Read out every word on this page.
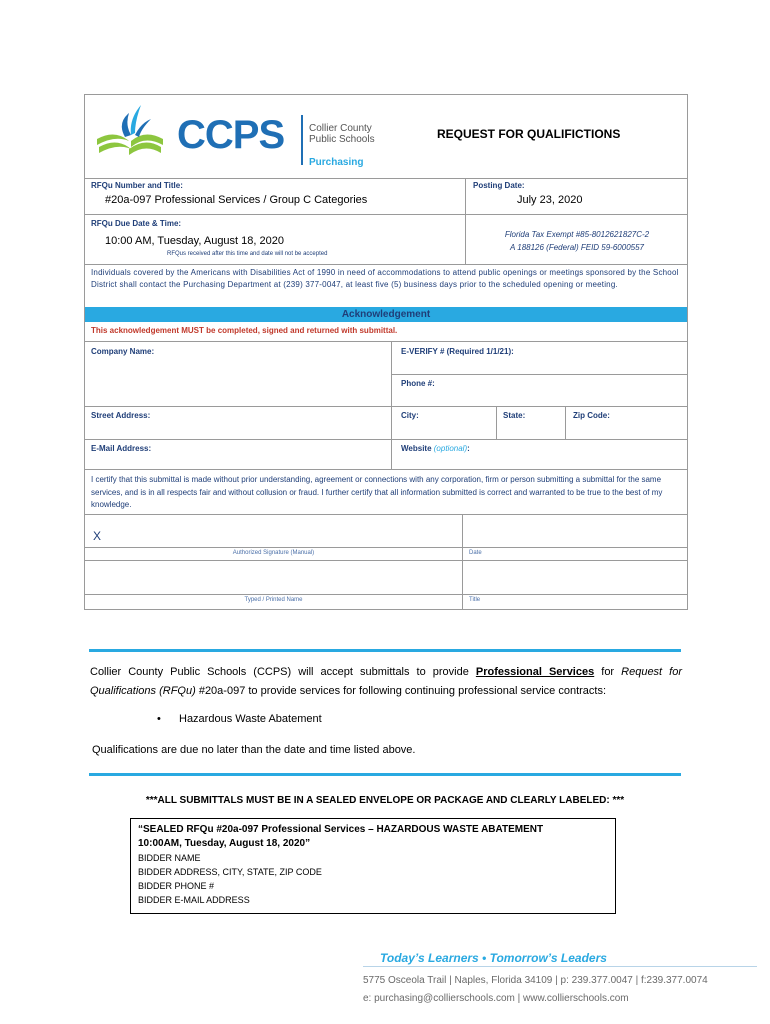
CCPS Collier County
Public Schools
Purchasing
REQUEST FOR QUALIFICTIONS
RFQu Number and Title:
#20a-097 Professional Services / Group C Categories
Posting Date:
July 23, 2020
RFQu Due Date & Time:
10:00 AM, Tuesday, August 18, 2020
RFQus received after this time and date will not be accepted
Florida Tax Exempt #85-8012621827C-2
A 188126 (Federal) FEID 59-6000557
Individuals covered by the Americans with Disabilities Act of 1990 in need of accommodations to attend public openings or meetings sponsored by the School District shall contact the Purchasing Department at (239) 377-0047, at least five (5) business days prior to the scheduled opening or meeting.
Acknowledgement
This acknowledgement MUST be completed, signed and returned with submittal.
Company Name:	E-VERIFY # (Required 1/1/21):
Phone #:
Street Address:	City:	State:	Zip Code:
E-Mail Address:	Website (optional):
I certify that this submittal is made without prior understanding, agreement or connections with any corporation, firm or person submitting a submittal for the same services, and is in all respects fair and without collusion or fraud. I further certify that all information submitted is correct and warranted to be true to the best of my knowledge.
X
Authorized Signature (Manual)	Date
Typed / Printed Name	Title
Collier County Public Schools (CCPS) will accept submittals to provide Professional Services for Request for Qualifications (RFQu) #20a-097 to provide services for following continuing professional service contracts:
• Hazardous Waste Abatement
Qualifications are due no later than the date and time listed above.
***ALL SUBMITTALS MUST BE IN A SEALED ENVELOPE OR PACKAGE AND CLEARLY LABELED: ***
“SEALED RFQu #20a-097 Professional Services – HAZARDOUS WASTE ABATEMENT
10:00AM, Tuesday, August 18, 2020”
BIDDER NAME
BIDDER ADDRESS, CITY, STATE, ZIP CODE
BIDDER PHONE #
BIDDER E-MAIL ADDRESS
Today’s Learners • Tomorrow’s Leaders
5775 Osceola Trail | Naples, Florida 34109 | p: 239.377.0047 | f:239.377.0074
e: purchasing@collierschools.com | www.collierschools.com
